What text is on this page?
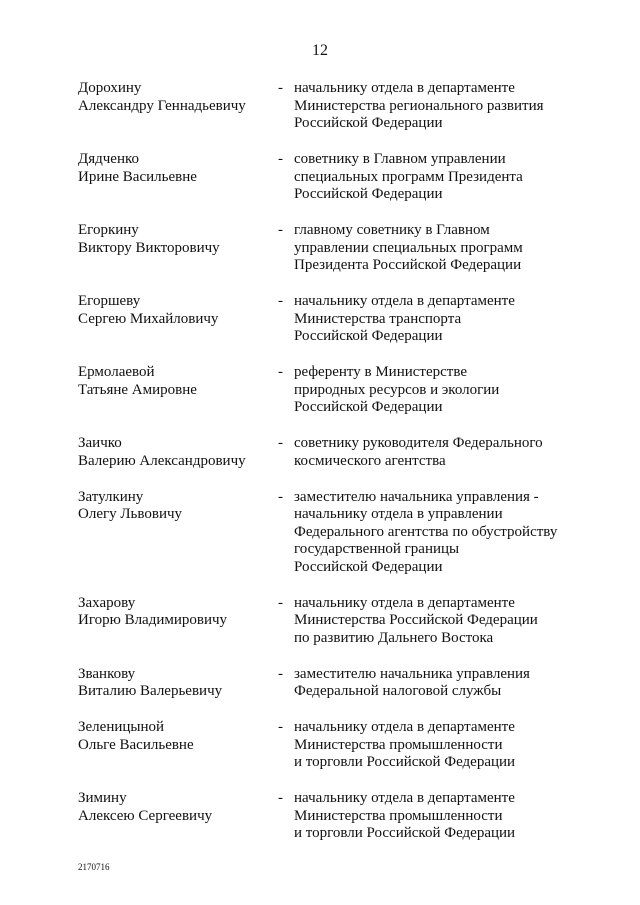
12
Дорохину
Александру Геннадьевичу
- начальнику отдела в департаменте
Министерства регионального развития
Российской Федерации
Дядченко
Ирине Васильевне
- советнику в Главном управлении
специальных программ Президента
Российской Федерации
Егоркину
Виктору Викторовичу
- главному советнику в Главном
управлении специальных программ
Президента Российской Федерации
Егоршеву
Сергею Михайловичу
- начальнику отдела в департаменте
Министерства транспорта
Российской Федерации
Ермолаевой
Татьяне Амировне
- референту в Министерстве
природных ресурсов и экологии
Российской Федерации
Заичко
Валерию Александровичу
- советнику руководителя Федерального
космического агентства
Затулкину
Олегу Львовичу
- заместителю начальника управления -
начальнику отдела в управлении
Федерального агентства по обустройству
государственной границы
Российской Федерации
Захарову
Игорю Владимировичу
- начальнику отдела в департаменте
Министерства Российской Федерации
по развитию Дальнего Востока
Званкову
Виталию Валерьевичу
- заместителю начальника управления
Федеральной налоговой службы
Зеленицыной
Ольге Васильевне
- начальнику отдела в департаменте
Министерства промышленности
и торговли Российской Федерации
Зимину
Алексею Сергеевичу
- начальнику отдела в департаменте
Министерства промышленности
и торговли Российской Федерации
2170716
